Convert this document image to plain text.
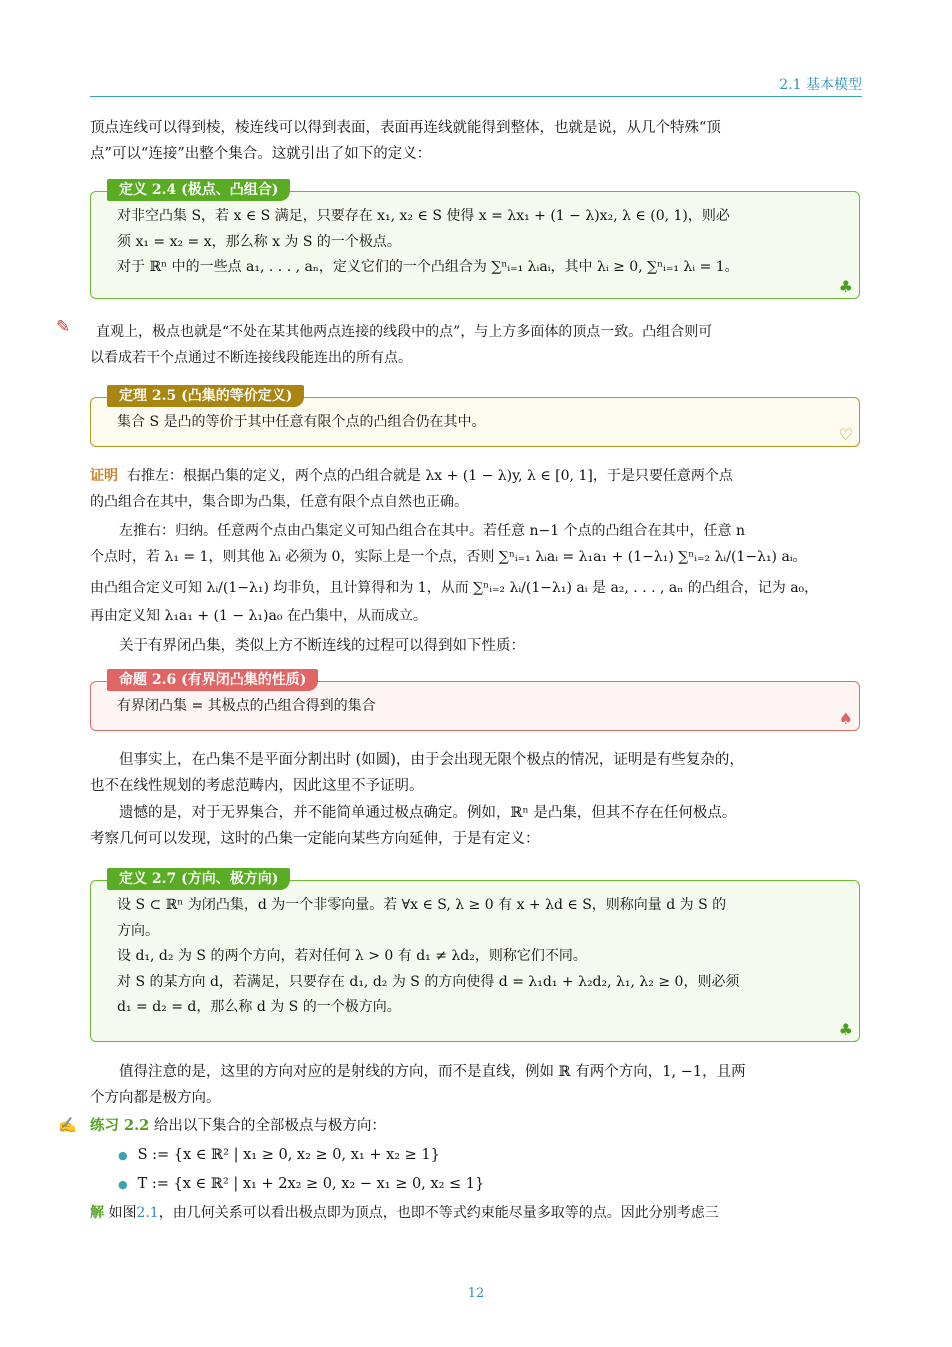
2.1 基本模型

顶点连线可以得到棱，棱连线可以得到表面，表面再连线就能得到整体，也就是说，从几个特殊“顶

点”可以“连接”出整个集合。这就引出了如下的定义：

定义 2.4 (极点、凸组合)
对非空凸集 S，若 x ∈ S 满足，只要存在 x₁, x₂ ∈ S 使得 x = λx₁ + (1 − λ)x₂, λ ∈ (0, 1)，则必
须 x₁ = x₂ = x，那么称 x 为 S 的一个极点。
对于 ℝⁿ 中的一些点 a₁, . . . , aₙ，定义它们的一个凸组合为 ∑ⁿᵢ₌₁ λᵢaᵢ，其中 λᵢ ≥ 0, ∑ⁿᵢ₌₁ λᵢ = 1。
♣
✎ 直观上，极点也就是“不处在某其他两点连接的线段中的点”，与上方多面体的顶点一致。凸组合则可

以看成若干个点通过不断连接线段能连出的所有点。

定理 2.5 (凸集的等价定义)
集合 S 是凸的等价于其中任意有限个点的凸组合仍在其中。
♡

证明 右推左：根据凸集的定义，两个点的凸组合就是 λx + (1 − λ)y, λ ∈ [0, 1]，于是只要任意两个点

的凸组合在其中，集合即为凸集，任意有限个点自然也正确。

左推右：归纳。任意两个点由凸集定义可知凸组合在其中。若任意 n−1 个点的凸组合在其中，任意 n

个点时，若 λ₁ = 1，则其他 λᵢ 必须为 0，实际上是一个点，否则 ∑ⁿᵢ₌₁ λᵢaᵢ = λ₁a₁ + (1−λ₁) ∑ⁿᵢ₌₂ λᵢ/(1−λ₁) aᵢ。

由凸组合定义可知 λᵢ/(1−λ₁) 均非负，且计算得和为 1，从而 ∑ⁿᵢ₌₂ λᵢ/(1−λ₁) aᵢ 是 a₂, . . . , aₙ 的凸组合，记为 a₀，

再由定义知 λ₁a₁ + (1 − λ₁)a₀ 在凸集中，从而成立。

关于有界闭凸集，类似上方不断连线的过程可以得到如下性质：

命题 2.6 (有界闭凸集的性质)
有界闭凸集 = 其极点的凸组合得到的集合
♠

但事实上，在凸集不是平面分割出时 (如圆)，由于会出现无限个极点的情况，证明是有些复杂的，

也不在线性规划的考虑范畴内，因此这里不予证明。

遗憾的是，对于无界集合，并不能简单通过极点确定。例如，ℝⁿ 是凸集，但其不存在任何极点。

考察几何可以发现，这时的凸集一定能向某些方向延伸，于是有定义：

定义 2.7 (方向、极方向)
设 S ⊂ ℝⁿ 为闭凸集，d 为一个非零向量。若 ∀x ∈ S, λ ≥ 0 有 x + λd ∈ S，则称向量 d 为 S 的
方向。
设 d₁, d₂ 为 S 的两个方向，若对任何 λ > 0 有 d₁ ≠ λd₂，则称它们不同。
对 S 的某方向 d，若满足，只要存在 d₁, d₂ 为 S 的方向使得 d = λ₁d₁ + λ₂d₂, λ₁, λ₂ ≥ 0，则必须
d₁ = d₂ = d，那么称 d 为 S 的一个极方向。
♣

值得注意的是，这里的方向对应的是射线的方向，而不是直线，例如 ℝ 有两个方向，1, −1，且两

个方向都是极方向。

✍ 练习 2.2 给出以下集合的全部极点与极方向：

● S := {x ∈ ℝ² | x₁ ≥ 0, x₂ ≥ 0, x₁ + x₂ ≥ 1}
● T := {x ∈ ℝ² | x₁ + 2x₂ ≥ 0, x₂ − x₁ ≥ 0, x₂ ≤ 1}

解 如图2.1，由几何关系可以看出极点即为顶点，也即不等式约束能尽量多取等的点。因此分别考虑三

12
